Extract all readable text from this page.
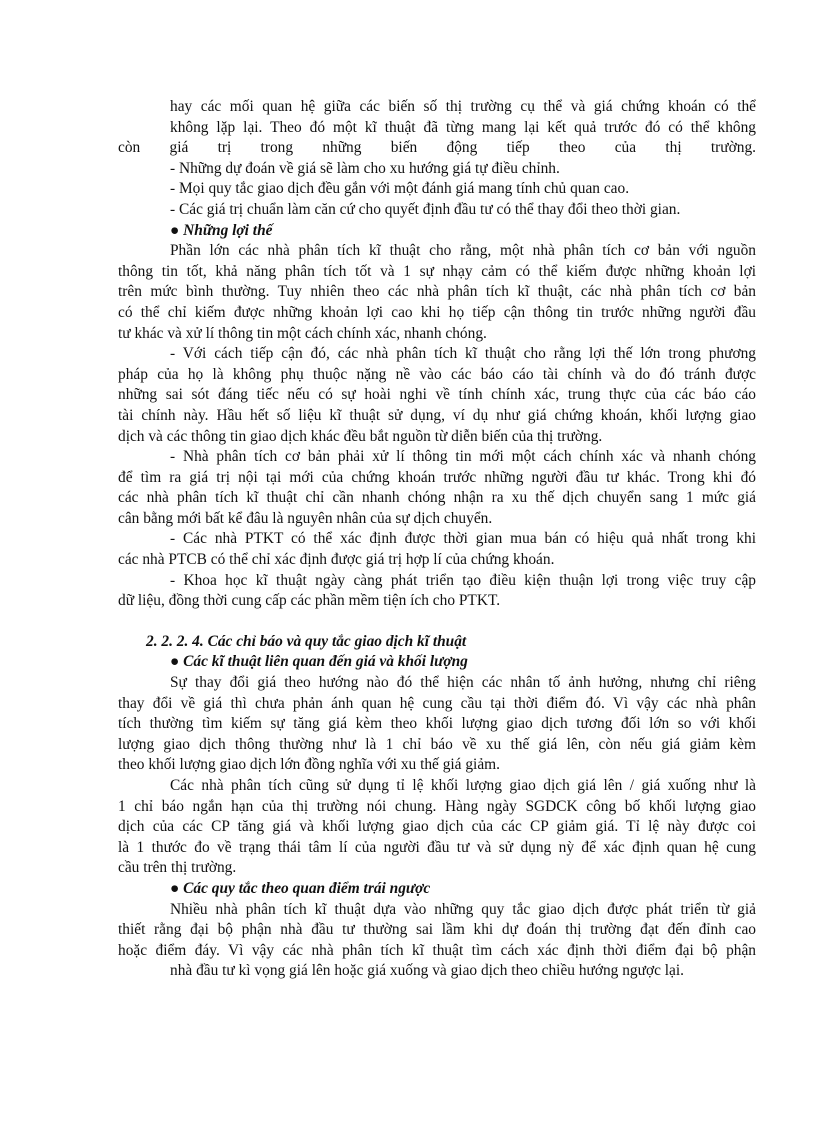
hay các mối quan hệ giữa các biến số thị trường cụ thể và giá chứng khoán có thể
không lặp lại. Theo đó một kĩ thuật đã từng mang lại kết quả trước đó có thể không
còn giá trị trong những biến động tiếp theo của thị trường.
- Những dự đoán về giá sẽ làm cho xu hướng giá tự điều chỉnh.
- Mọi quy tắc giao dịch đều gắn với một đánh giá mang tính chủ quan cao.
- Các giá trị chuẩn làm căn cứ cho quyết định đầu tư có thể thay đổi theo thời gian.
● Những lợi thế
Phần lớn các nhà phân tích kĩ thuật cho rằng, một nhà phân tích cơ bản với nguồn
thông tin tốt, khả năng phân tích tốt và 1 sự nhạy cảm có thể kiếm được những khoản lợi
trên mức bình thường. Tuy nhiên theo các nhà phân tích kĩ thuật, các nhà phân tích cơ bản
có thể chỉ kiếm được những khoản lợi cao khi họ tiếp cận thông tin trước những người đầu
tư khác và xử lí thông tin một cách chính xác, nhanh chóng.
- Với cách tiếp cận đó, các nhà phân tích kĩ thuật cho rằng lợi thế lớn trong phương
pháp của họ là không phụ thuộc nặng nề vào các báo cáo tài chính và do đó tránh được
những sai sót đáng tiếc nếu có sự hoài nghi về tính chính xác, trung thực của các báo cáo
tài chính này. Hầu hết số liệu kĩ thuật sử dụng, ví dụ như giá chứng khoán, khối lượng giao
dịch và các thông tin giao dịch khác đều bắt nguồn từ diễn biến của thị trường.
- Nhà phân tích cơ bản phải xử lí thông tin mới một cách chính xác và nhanh chóng
để tìm ra giá trị nội tại mới của chứng khoán trước những người đầu tư khác. Trong khi đó
các nhà phân tích kĩ thuật chỉ cần nhanh chóng nhận ra xu thế dịch chuyển sang 1 mức giá
cân bằng mới bất kể đâu là nguyên nhân của sự dịch chuyển.
- Các nhà PTKT có thể xác định được thời gian mua bán có hiệu quả nhất trong khi
các nhà PTCB có thể chỉ xác định được giá trị hợp lí của chứng khoán.
- Khoa học kĩ thuật ngày càng phát triển tạo điều kiện thuận lợi trong việc truy cập
dữ liệu, đồng thời cung cấp các phần mềm tiện ích cho PTKT.
2. 2. 2. 4. Các chỉ báo và quy tắc giao dịch kĩ thuật
● Các kĩ thuật liên quan đến giá và khối lượng
Sự thay đổi giá theo hướng nào đó thể hiện các nhân tố ảnh hưởng, nhưng chỉ riêng
thay đổi về giá thì chưa phản ánh quan hệ cung cầu tại thời điểm đó. Vì vậy các nhà phân
tích thường tìm kiếm sự tăng giá kèm theo khối lượng giao dịch tương đối lớn so với khối
lượng giao dịch thông thường như là 1 chỉ báo về xu thế giá lên, còn nếu giá giảm kèm
theo khối lượng giao dịch lớn đồng nghĩa với xu thế giá giảm.
Các nhà phân tích cũng sử dụng tỉ lệ khối lượng giao dịch giá lên / giá xuống như là
1 chỉ báo ngắn hạn của thị trường nói chung. Hàng ngày SGDCK công bố khối lượng giao
dịch của các CP tăng giá và khối lượng giao dịch của các CP giảm giá. Tỉ lệ này được coi
là 1 thước đo về trạng thái tâm lí của người đầu tư và sử dụng nỳ để xác định quan hệ cung
cầu trên thị trường.
● Các quy tắc theo quan điểm trái ngược
Nhiều nhà phân tích kĩ thuật dựa vào những quy tắc giao dịch được phát triển từ giả
thiết rằng đại bộ phận nhà đầu tư thường sai lầm khi dự đoán thị trường đạt đến đỉnh cao
hoặc điểm đáy. Vì vậy các nhà phân tích kĩ thuật tìm cách xác định thời điểm đại bộ phận
nhà đầu tư kì vọng giá lên hoặc giá xuống và giao dịch theo chiều hướng ngược lại.
